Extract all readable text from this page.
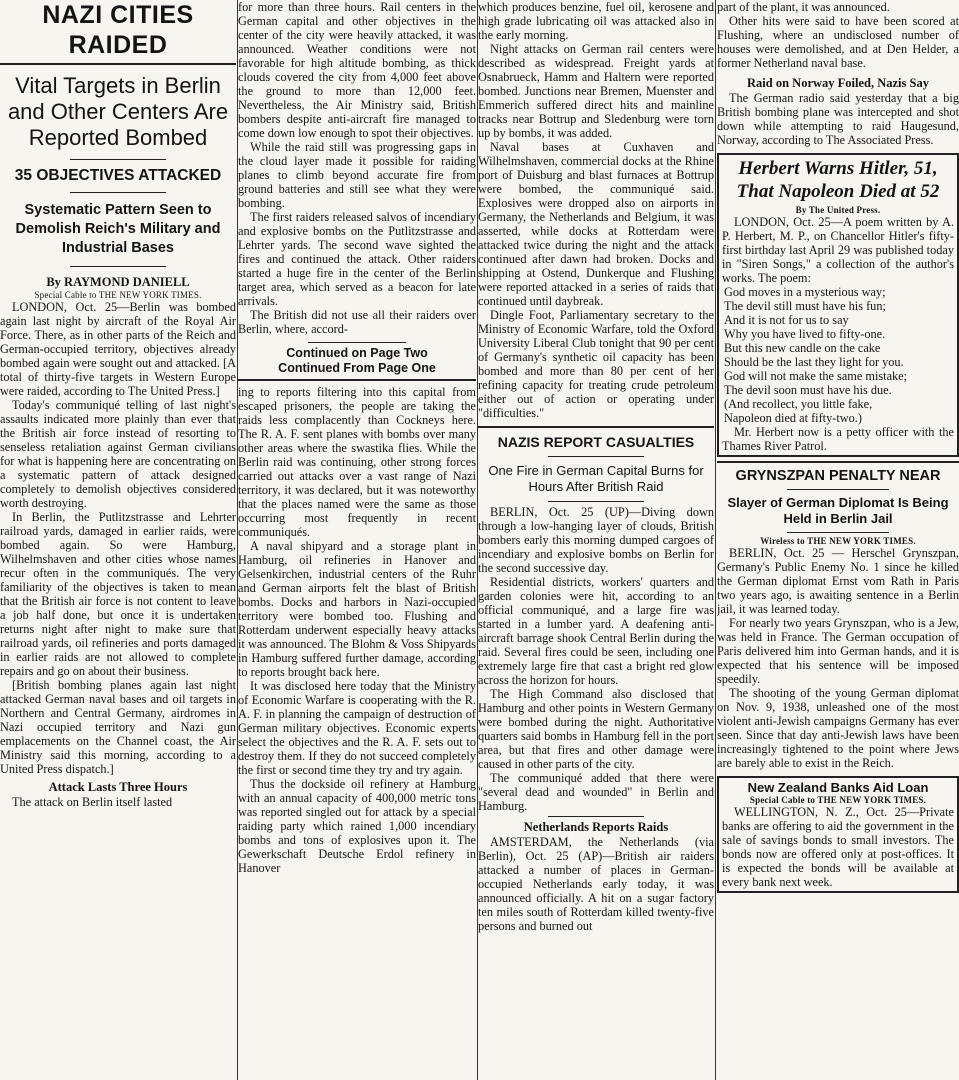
NAZI CITIES RAIDED
Vital Targets in Berlin and Other Centers Are Reported Bombed
35 OBJECTIVES ATTACKED
Systematic Pattern Seen to Demolish Reich's Military and Industrial Bases
By RAYMOND DANIELL
Special Cable to THE NEW YORK TIMES.

LONDON, Oct. 25—Berlin was bombed again last night by aircraft of the Royal Air Force. There, as in other parts of the Reich and German-occupied territory, objectives already bombed again were sought out and attacked. [A total of thirty-five targets in Western Europe were raided, according to The United Press.]

Today's communiqué telling of last night's assaults indicated more plainly than ever that the British air force instead of resorting to senseless retaliation against German civilians for what is happening here are concentrating on a systematic pattern of attack designed completely to demolish objectives considered worth destroying.

In Berlin, the Putlitzstrasse and Lehrter railroad yards, damaged in earlier raids, were bombed again. So were Hamburg, Wilhelmshaven and other cities whose names recur often in the communiqués. The very familiarity of the objectives is taken to mean that the British air force is not content to leave a job half done, but once it is undertaken returns night after night to make sure that railroad yards, oil refineries and ports damaged in earlier raids are not allowed to complete repairs and go on about their business.

[British bombing planes again last night attacked German naval bases and oil targets in Northern and Central Germany, airdromes in Nazi occupied territory and Nazi gun emplacements on the Channel coast, the Air Ministry said this morning, according to a United Press dispatch.]

Attack Lasts Three Hours

The attack on Berlin itself lasted

for more than three hours. Rail centers in the German capital and other objectives in the center of the city were heavily attacked, it was announced. Weather conditions were not favorable for high altitude bombing, as thick clouds covered the city from 4,000 feet above the ground to more than 12,000 feet. Nevertheless, the Air Ministry said, British bombers despite anti-aircraft fire managed to come down low enough to spot their objectives.

While the raid still was progressing gaps in the cloud layer made it possible for raiding planes to climb beyond accurate fire from ground batteries and still see what they were bombing.

The first raiders released salvos of incendiary and explosive bombs on the Putlitzstrasse and Lehrter yards. The second wave sighted the fires and continued the attack. Other raiders started a huge fire in the center of the Berlin target area, which served as a beacon for late arrivals.

The British did not use all their raiders over Berlin, where, accord-

Continued on Page Two
Continued From Page One

ing to reports filtering into this capital from escaped prisoners, the people are taking the raids less complacently than Cockneys here. The R. A. F. sent planes with bombs over many other areas where the swastika flies. While the Berlin raid was continuing, other strong forces carried out attacks over a vast range of Nazi territory, it was declared, but it was noteworthy that the places named were the same as those occurring most frequently in recent communiqués.

A naval shipyard and a storage plant in Hamburg, oil refineries in Hanover and Gelsenkirchen, industrial centers of the Ruhr and German airports felt the blast of British bombs. Docks and harbors in Nazi-occupied territory were bombed too. Flushing and Rotterdam underwent especially heavy attacks it was announced. The Blohm & Voss Shipyards in Hamburg suffered further damage, according to reports brought back here.

It was disclosed here today that the Ministry of Economic Warfare is cooperating with the R. A. F. in planning the campaign of destruction of German military objectives. Economic experts select the objectives and the R. A. F. sets out to destroy them. If they do not succeed completely the first or second time they try and try again.

Thus the dockside oil refinery at Hamburg with an annual capacity of 400,000 metric tons was reported singled out for attack by a special raiding party which rained 1,000 incendiary bombs and tons of explosives upon it. The Gewerkschaft Deutsche Erdol refinery in Hanover

which produces benzine, fuel oil, kerosene and high grade lubricating oil was attacked also in the early morning.

Night attacks on German rail centers were described as widespread. Freight yards at Osnabrueck, Hamm and Haltern were reported bombed. Junctions near Bremen, Muenster and Emmerich suffered direct hits and mainline tracks near Bottrup and Sledenburg were torn up by bombs, it was added.

Naval bases at Cuxhaven and Wilhelmshaven, commercial docks at the Rhine port of Duisburg and blast furnaces at Bottrup were bombed, the communiqué said. Explosives were dropped also on airports in Germany, the Netherlands and Belgium, it was asserted, while docks at Rotterdam were attacked twice during the night and the attack continued after dawn had broken. Docks and shipping at Ostend, Dunkerque and Flushing were reported attacked in a series of raids that continued until daybreak.

Dingle Foot, Parliamentary secretary to the Ministry of Economic Warfare, told the Oxford University Liberal Club tonight that 90 per cent of Germany's synthetic oil capacity has been bombed and more than 80 per cent of her refining capacity for treating crude petroleum either out of action or operating under "difficulties."

NAZIS REPORT CASUALTIES
One Fire in German Capital Burns for Hours After British Raid

BERLIN, Oct. 25 (UP)—Diving down through a low-hanging layer of clouds, British bombers early this morning dumped cargoes of incendiary and explosive bombs on Berlin for the second successive day.

Residential districts, workers' quarters and garden colonies were hit, according to an official communiqué, and a large fire was started in a lumber yard. A deafening anti-aircraft barrage shook Central Berlin during the raid. Several fires could be seen, including one extremely large fire that cast a bright red glow across the horizon for hours.

The High Command also disclosed that Hamburg and other points in Western Germany were bombed during the night. Authoritative quarters said bombs in Hamburg fell in the port area, but that fires and other damage were caused in other parts of the city.

The communiqué added that there were "several dead and wounded" in Berlin and Hamburg.

Netherlands Reports Raids

AMSTERDAM, the Netherlands (via Berlin), Oct. 25 (AP)—British air raiders attacked a number of places in German-occupied Netherlands early today, it was announced officially. A hit on a sugar factory ten miles south of Rotterdam killed twenty-five persons and burned out

part of the plant, it was announced.

Other hits were said to have been scored at Flushing, where an undisclosed number of houses were demolished, and at Den Helder, a former Netherland naval base.

Raid on Norway Foiled, Nazis Say

The German radio said yesterday that a big British bombing plane was intercepted and shot down while attempting to raid Haugesund, Norway, according to The Associated Press.

Herbert Warns Hitler, 51, That Napoleon Died at 52
By The United Press.

LONDON, Oct. 25—A poem written by A. P. Herbert, M. P., on Chancellor Hitler's fifty-first birthday last April 29 was published today in "Siren Songs," a collection of the author's works. The poem:

God moves in a mysterious way;
The devil still must have his fun;
And it is not for us to say
Why you have lived to fifty-one.
But this new candle on the cake
Should be the last they light for you.
God will not make the same mistake;
The devil soon must have his due.
(And recollect, you little fake,
Napoleon died at fifty-two.)

Mr. Herbert now is a petty officer with the Thames River Patrol.

GRYNSZPAN PENALTY NEAR
Slayer of German Diplomat Is Being Held in Berlin Jail
Wireless to THE NEW YORK TIMES.

BERLIN, Oct. 25 — Herschel Grynszpan, Germany's Public Enemy No. 1 since he killed the German diplomat Ernst vom Rath in Paris two years ago, is awaiting sentence in a Berlin jail, it was learned today.

For nearly two years Grynszpan, who is a Jew, was held in France. The German occupation of Paris delivered him into German hands, and it is expected that his sentence will be imposed speedily.

The shooting of the young German diplomat on Nov. 9, 1938, unleashed one of the most violent anti-Jewish campaigns Germany has ever seen. Since that day anti-Jewish laws have been increasingly tightened to the point where Jews are barely able to exist in the Reich.

New Zealand Banks Aid Loan
Special Cable to THE NEW YORK TIMES.

WELLINGTON, N. Z., Oct. 25—Private banks are offering to aid the government in the sale of savings bonds to small investors. The bonds now are offered only at post-offices. It is expected the bonds will be available at every bank next week.
